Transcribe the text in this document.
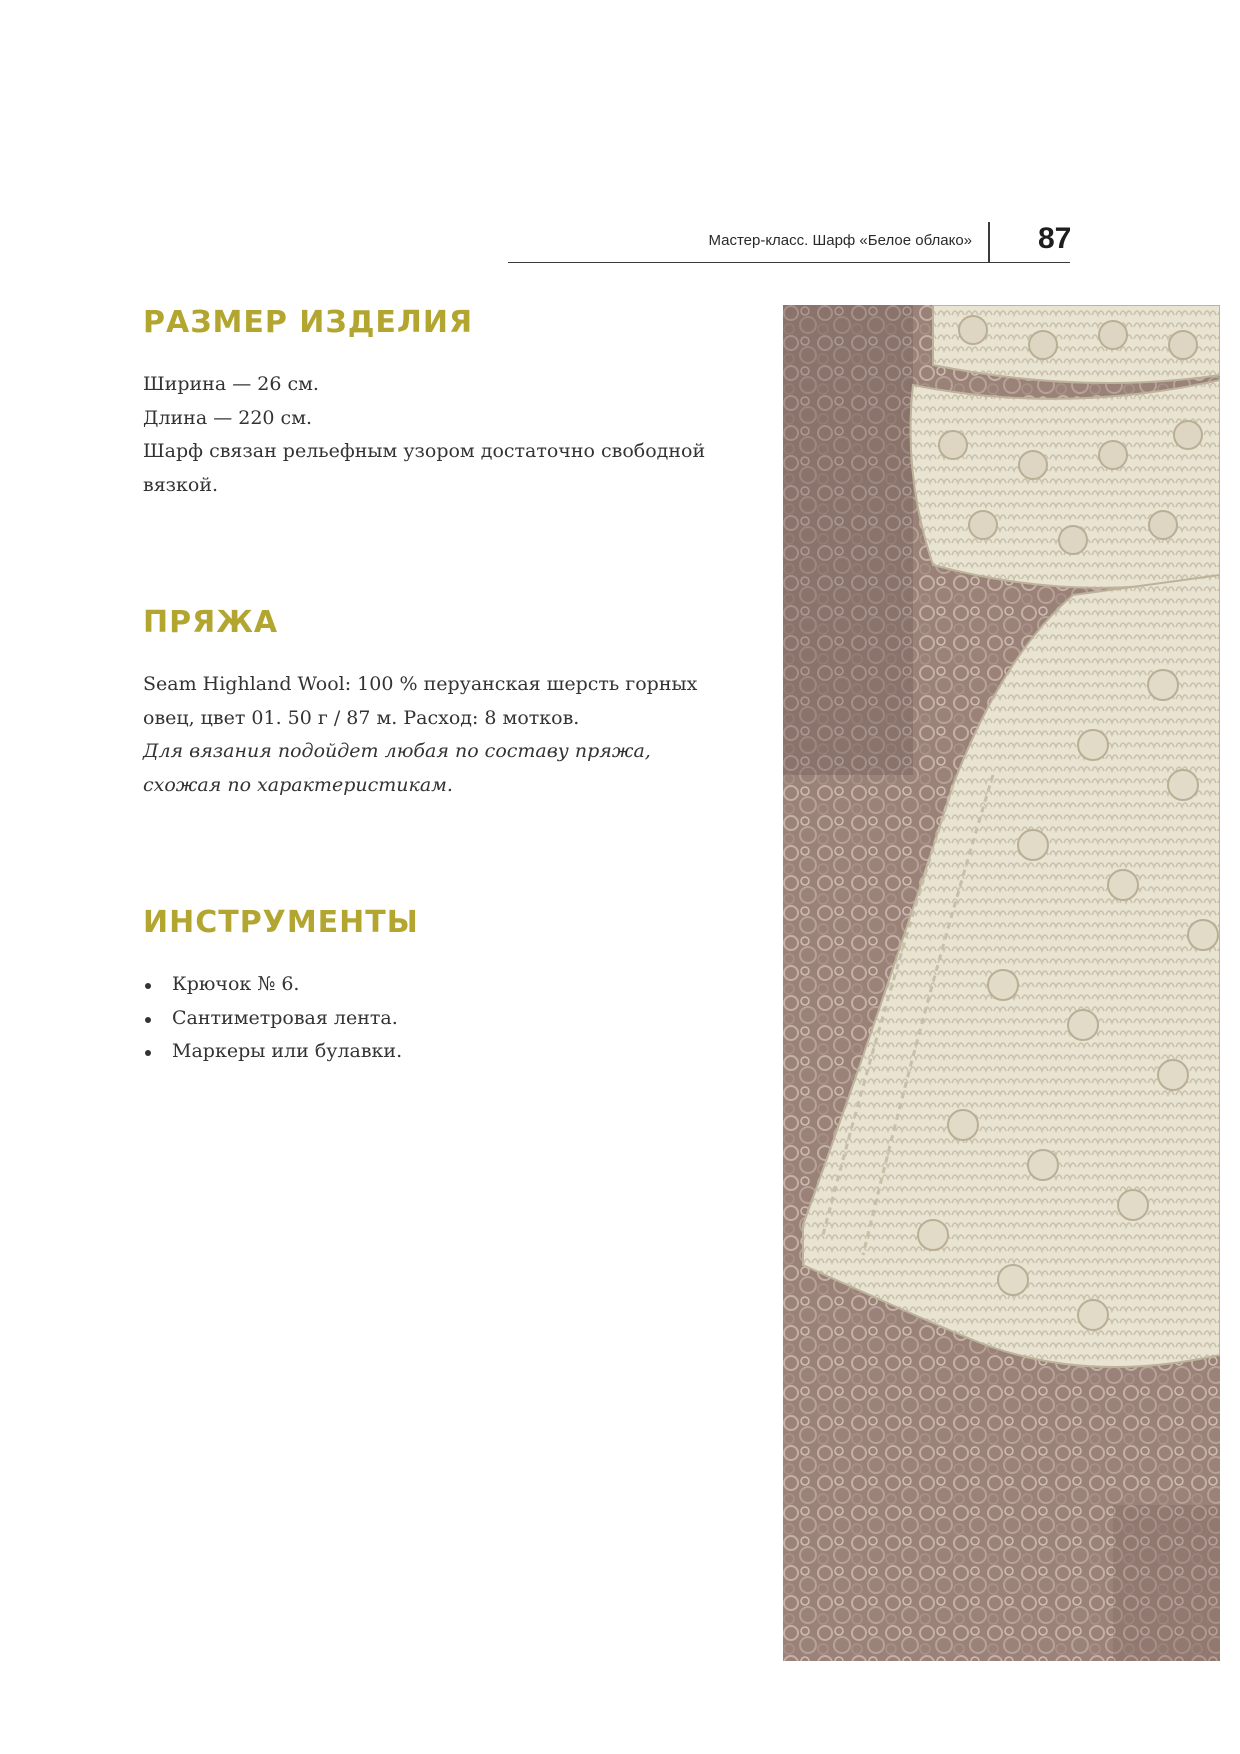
Мастер-класс. Шарф «Белое облако» 87
РАЗМЕР ИЗДЕЛИЯ

Ширина — 26 см.

Длина — 220 см.

Шарф связан рельефным узором достаточно свободной вязкой.

ПРЯЖА

Seam Highland Wool: 100 % перуанская шерсть горных овец, цвет 01. 50 г / 87 м. Расход: 8 мотков.

Для вязания подойдет любая по составу пряжа, схожая по характеристикам.

ИНСТРУМЕНТЫ
Крючок № 6.
Сантиметровая лента.
Маркеры или булавки.
